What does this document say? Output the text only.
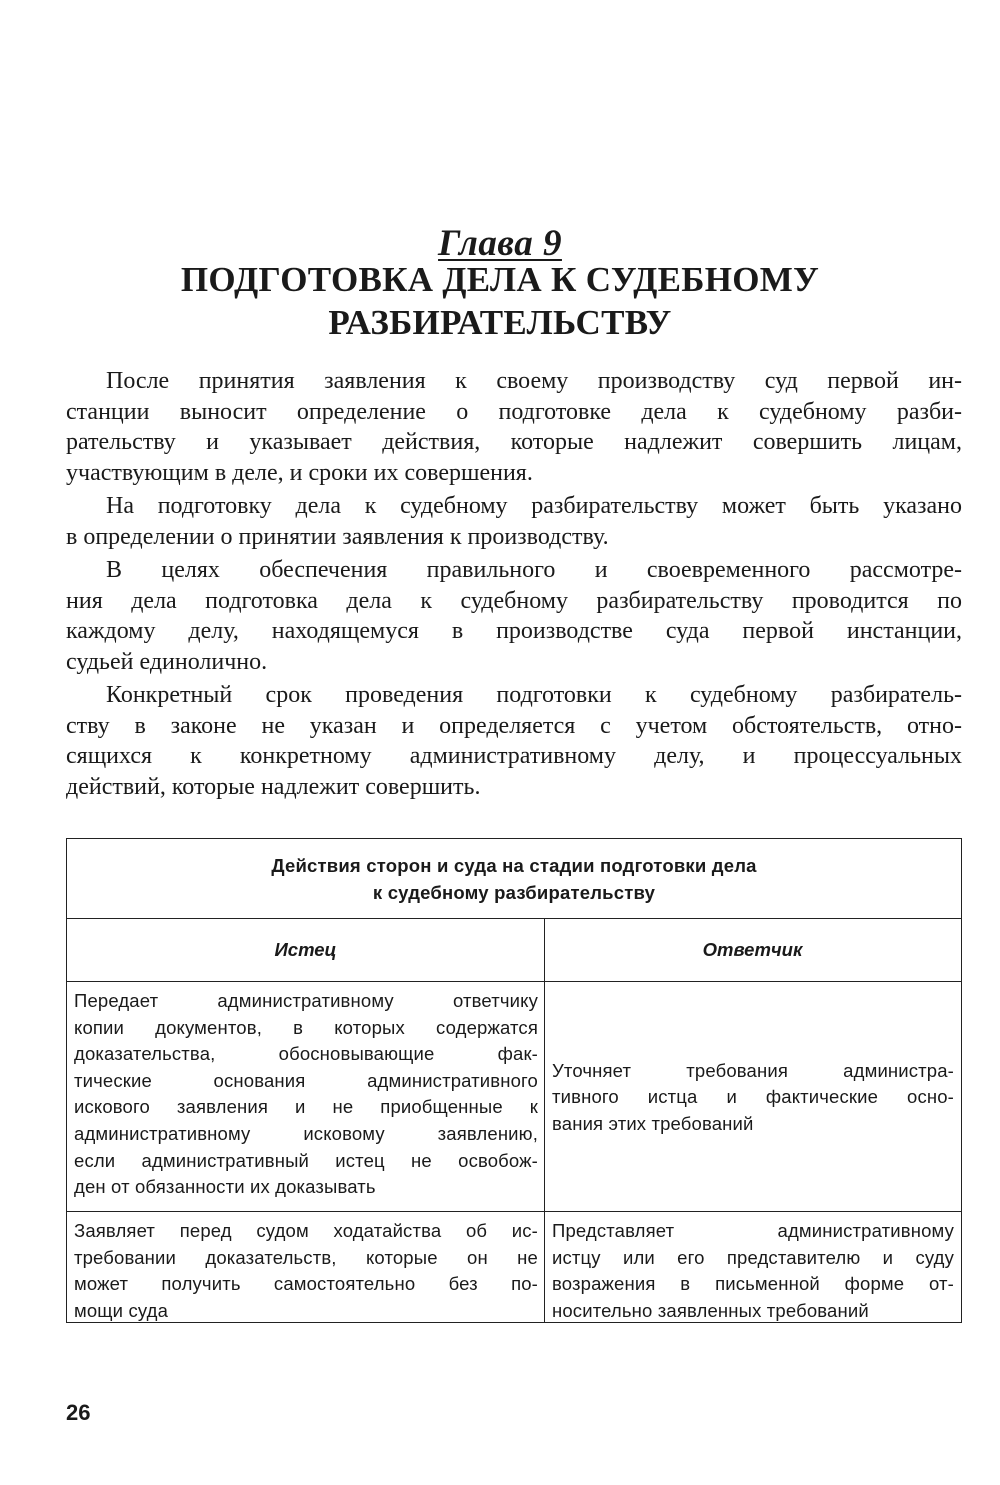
Глава 9
ПОДГОТОВКА ДЕЛА К СУДЕБНОМУ
РАЗБИРАТЕЛЬСТВУ
После принятия заявления к своему производству суд первой ин-
станции выносит определение о подготовке дела к судебному разби-
рательству и указывает действия, которые надлежит совершить лицам,
участвующим в деле, и сроки их совершения.
На подготовку дела к судебному разбирательству может быть указано
в определении о принятии заявления к производству.
В целях обеспечения правильного и своевременного рассмотре-
ния дела подготовка дела к судебному разбирательству проводится по
каждому делу, находящемуся в производстве суда первой инстанции,
судьей единолично.
Конкретный срок проведения подготовки к судебному разбиратель-
ству в законе не указан и определяется с учетом обстоятельств, отно-
сящихся к конкретному административному делу, и процессуальных
действий, которые надлежит совершить.
Действия сторон и суда на стадии подготовки дела
к судебному разбирательству
Истец	Ответчик
Передает административному ответчику
копии документов, в которых содержатся
доказательства, обосновывающие фак-
тические основания административного
искового заявления и не приобщенные к
административному исковому заявлению,
если административный истец не освобож-
ден от обязанности их доказывать
Уточняет требования администра-
тивного истца и фактические осно-
вания этих требований
Заявляет перед судом ходатайства об ис-
требовании доказательств, которые он не
может получить самостоятельно без по-
мощи суда
Представляет административному
истцу или его представителю и суду
возражения в письменной форме от-
носительно заявленных требований
26
